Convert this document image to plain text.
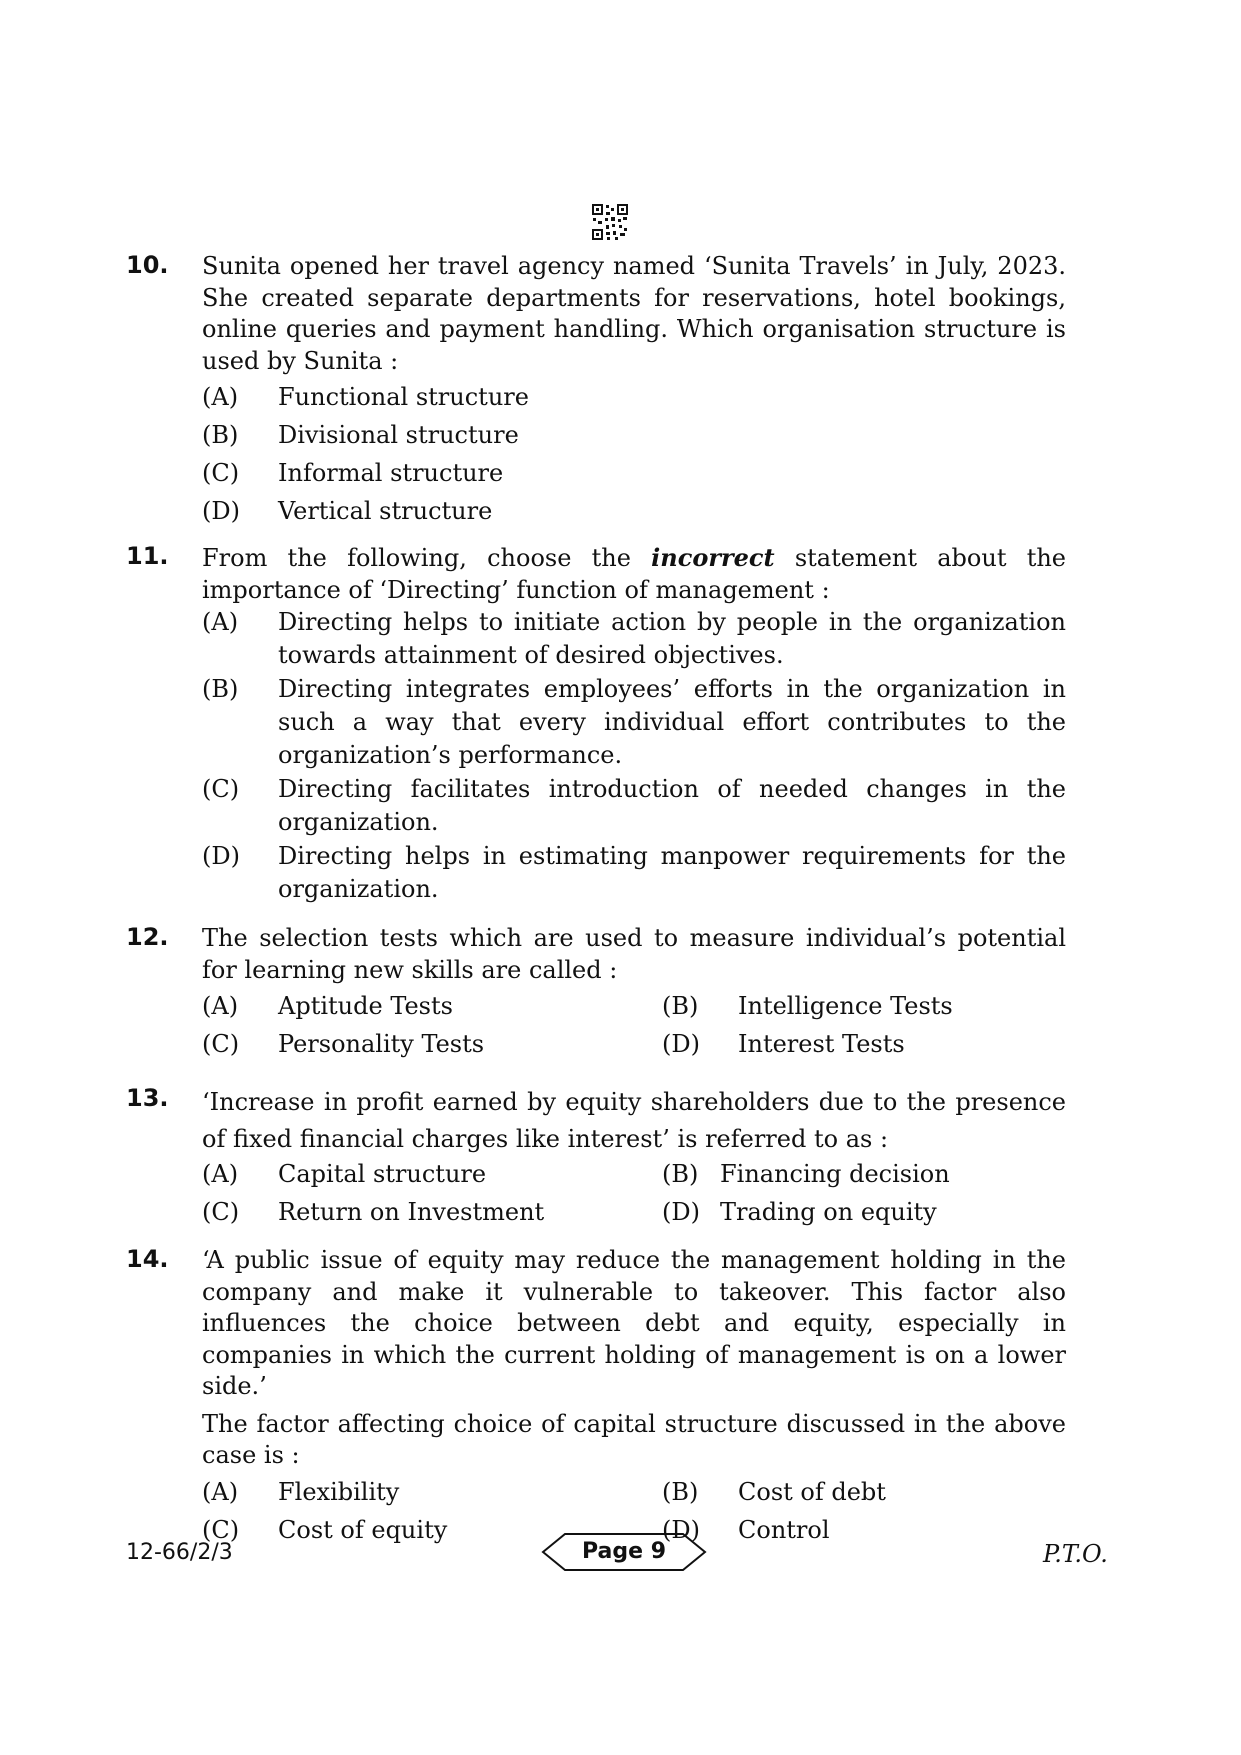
10. Sunita opened her travel agency named ‘Sunita Travels’ in July, 2023. She created separate departments for reservations, hotel bookings, online queries and payment handling. Which organisation structure is used by Sunita :
(A) Functional structure
(B) Divisional structure
(C) Informal structure
(D) Vertical structure
11. From the following, choose the incorrect statement about the importance of ‘Directing’ function of management :
(A) Directing helps to initiate action by people in the organization towards attainment of desired objectives.
(B) Directing integrates employees’ efforts in the organization in such a way that every individual effort contributes to the organization’s performance.
(C) Directing facilitates introduction of needed changes in the organization.
(D) Directing helps in estimating manpower requirements for the organization.
12. The selection tests which are used to measure individual’s potential for learning new skills are called :
(A) Aptitude Tests	(B) Intelligence Tests
(C) Personality Tests	(D) Interest Tests
13. ‘Increase in profit earned by equity shareholders due to the presence of fixed financial charges like interest’ is referred to as :
(A) Capital structure	(B) Financing decision
(C) Return on Investment	(D) Trading on equity
14. ‘A public issue of equity may reduce the management holding in the company and make it vulnerable to takeover. This factor also influences the choice between debt and equity, especially in companies in which the current holding of management is on a lower side.’
The factor affecting choice of capital structure discussed in the above case is :
(A) Flexibility	(B) Cost of debt
(C) Cost of equity	(D) Control
12-66/2/3	Page 9	P.T.O.
